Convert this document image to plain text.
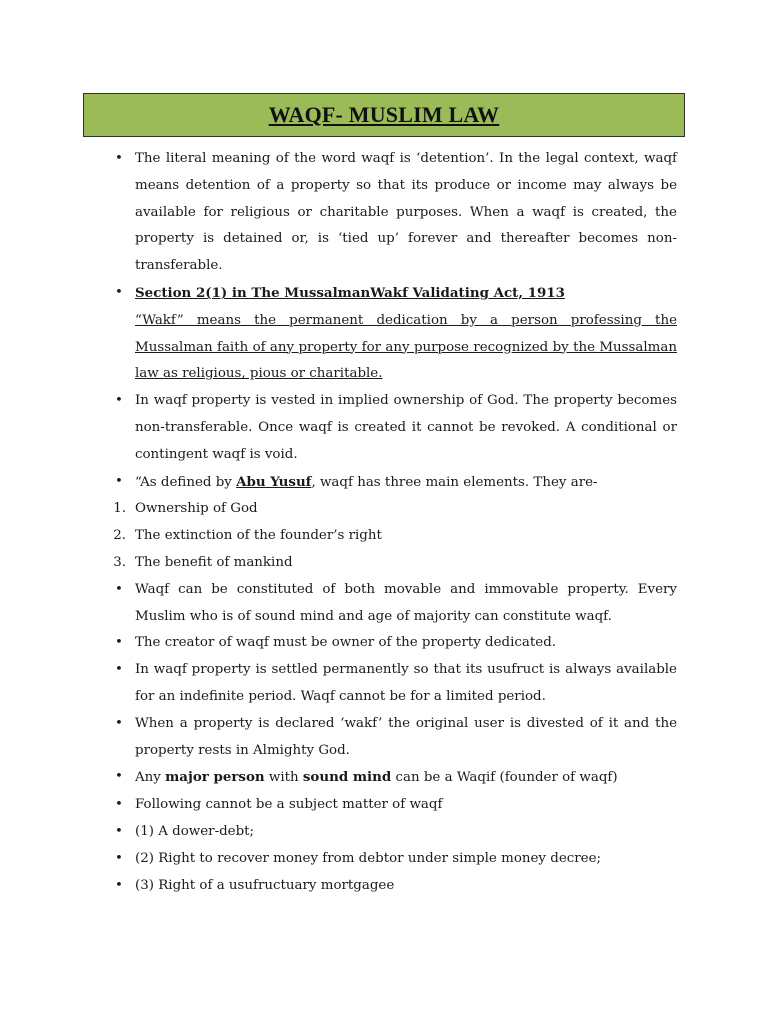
WAQF- MUSLIM LAW
• The literal meaning of the word waqf is ‘detention’. In the legal context, waqf means detention of a property so that its produce or income may always be available for religious or charitable purposes. When a waqf is created, the property is detained or, is ‘tied up’ forever and thereafter becomes non-transferable.
• Section 2(1) in The MussalmanWakf Validating Act, 1913
“Wakf” means the permanent dedication by a person professing the Mussalman faith of any property for any purpose recognized by the Mussalman law as religious, pious or charitable.
• In waqf property is vested in implied ownership of God. The property becomes non-transferable. Once waqf is created it cannot be revoked. A conditional or contingent waqf is void.
• “As defined by Abu Yusuf, waqf has three main elements. They are-
1. Ownership of God
2. The extinction of the founder’s right
3. The benefit of mankind
• Waqf can be constituted of both movable and immovable property. Every Muslim who is of sound mind and age of majority can constitute waqf.
• The creator of waqf must be owner of the property dedicated.
• In waqf property is settled permanently so that its usufruct is always available for an indefinite period. Waqf cannot be for a limited period.
• When a property is declared ‘wakf’ the original user is divested of it and the property rests in Almighty God.
• Any major person with sound mind can be a Waqif (founder of waqf)
• Following cannot be a subject matter of waqf
• (1) A dower-debt;
• (2) Right to recover money from debtor under simple money decree;
• (3) Right of a usufructuary mortgagee
